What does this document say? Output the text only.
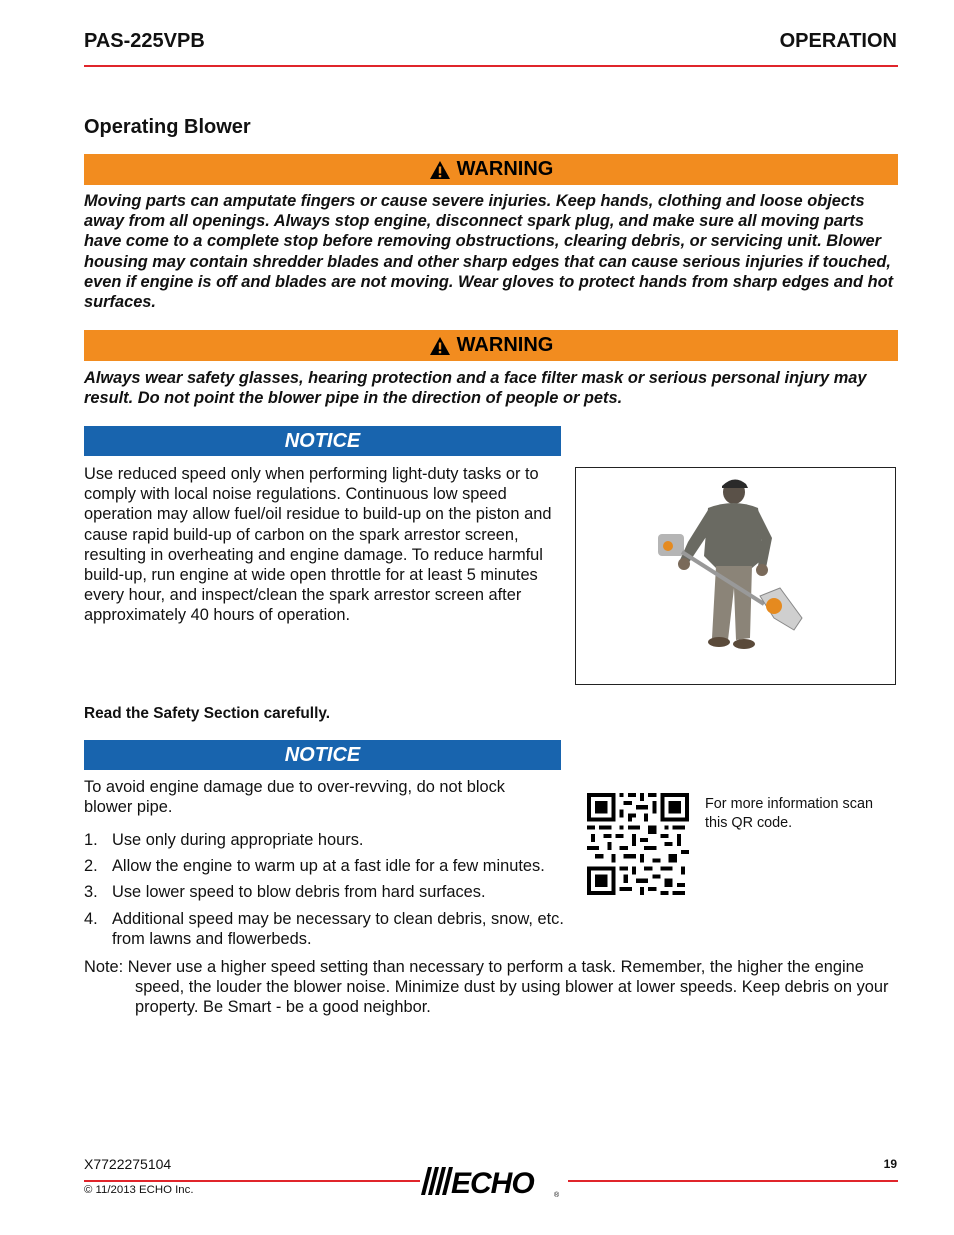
PAS-225VPB	OPERATION
Operating Blower
WARNING
Moving parts can amputate fingers or cause severe injuries. Keep hands, clothing and loose objects away from all openings. Always stop engine, disconnect spark plug, and make sure all moving parts have come to a complete stop before removing obstructions, clearing debris, or servicing unit. Blower housing may contain shredder blades and other sharp edges that can cause serious injuries if touched, even if engine is off and blades are not moving. Wear gloves to protect hands from sharp edges and hot surfaces.
WARNING
Always wear safety glasses, hearing protection and a face filter mask or serious personal injury may result. Do not point the blower pipe in the direction of people or pets.
NOTICE
Use reduced speed only when performing light-duty tasks or to comply with local noise regulations. Continuous low speed operation may allow fuel/oil residue to build-up on the piston and cause rapid build-up of carbon on the spark arrestor screen, resulting in overheating and engine damage. To reduce harmful build-up, run engine at wide open throttle for at least 5 minutes every hour, and inspect/clean the spark arrestor screen after approximately 40 hours of operation.
Read the Safety Section carefully.
NOTICE
To avoid engine damage due to over-revving, do not block blower pipe.
1. Use only during appropriate hours.
2. Allow the engine to warm up at a fast idle for a few minutes.
3. Use lower speed to blow debris from hard surfaces.
4. Additional speed may be necessary to clean debris, snow, etc. from lawns and flowerbeds.
Note: Never use a higher speed setting than necessary to perform a task. Remember, the higher the engine
speed, the louder the blower noise. Minimize dust by using blower at lower speeds. Keep debris on your property. Be Smart - be a good neighbor.
For more information scan this QR code.
X7722275104
© 11/2013 ECHO Inc.
19
ECHO	®
